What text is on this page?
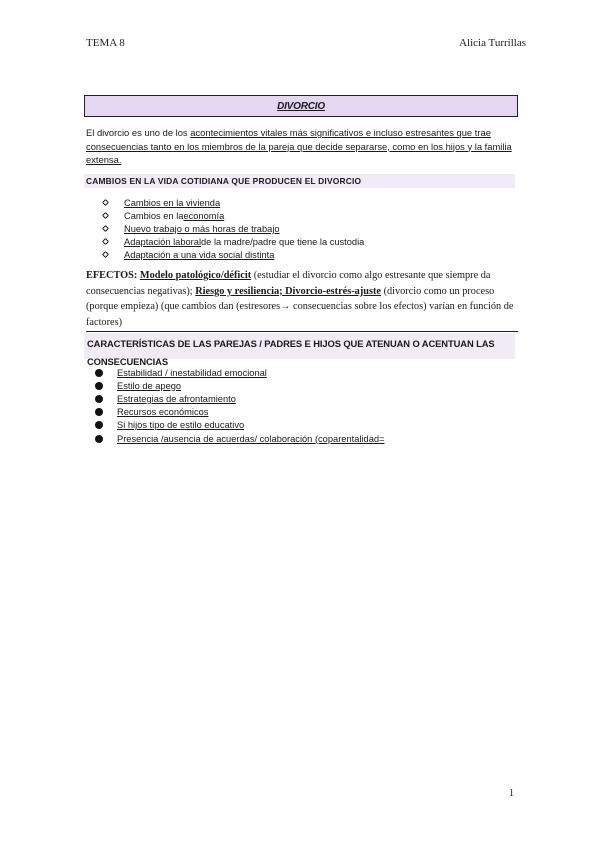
TEMA 8	Alicia Turrillas
DIVORCIO
El divorcio es uno de los acontecimientos vitales más significativos e incluso estresantes que trae consecuencias tanto en los miembros de la pareja que decide separarse, como en los hijos y la familia extensa.
CAMBIOS EN LA VIDA COTIDIANA QUE PRODUCEN EL DIVORCIO
Cambios en la vivienda
Cambios en la economía
Nuevo trabajo o más horas de trabajo
Adaptación laboral de la madre/padre que tiene la custodia
Adaptación a una vida social distinta
EFECTOS: Modelo patológico/déficit (estudiar el divorcio como algo estresante que siempre da consecuencias negativas); Riesgo y resiliencia; Divorcio-estrés-ajuste (divorcio como un proceso (porque empieza) (que cambios dan (estresores→ consecuencias sobre los efectos) varían en función de factores)
CARACTERÍSTICAS DE LAS PAREJAS / PADRES E HIJOS QUE ATENUAN O ACENTUAN LAS CONSECUENCIAS
Estabilidad / inestabilidad emocional
Estilo de apego
Estrategias de afrontamiento
Recursos económicos
Si hijos tipo de estilo educativo
Presencia /ausencia de acuerdas/ colaboración (coparentalidad=
1
